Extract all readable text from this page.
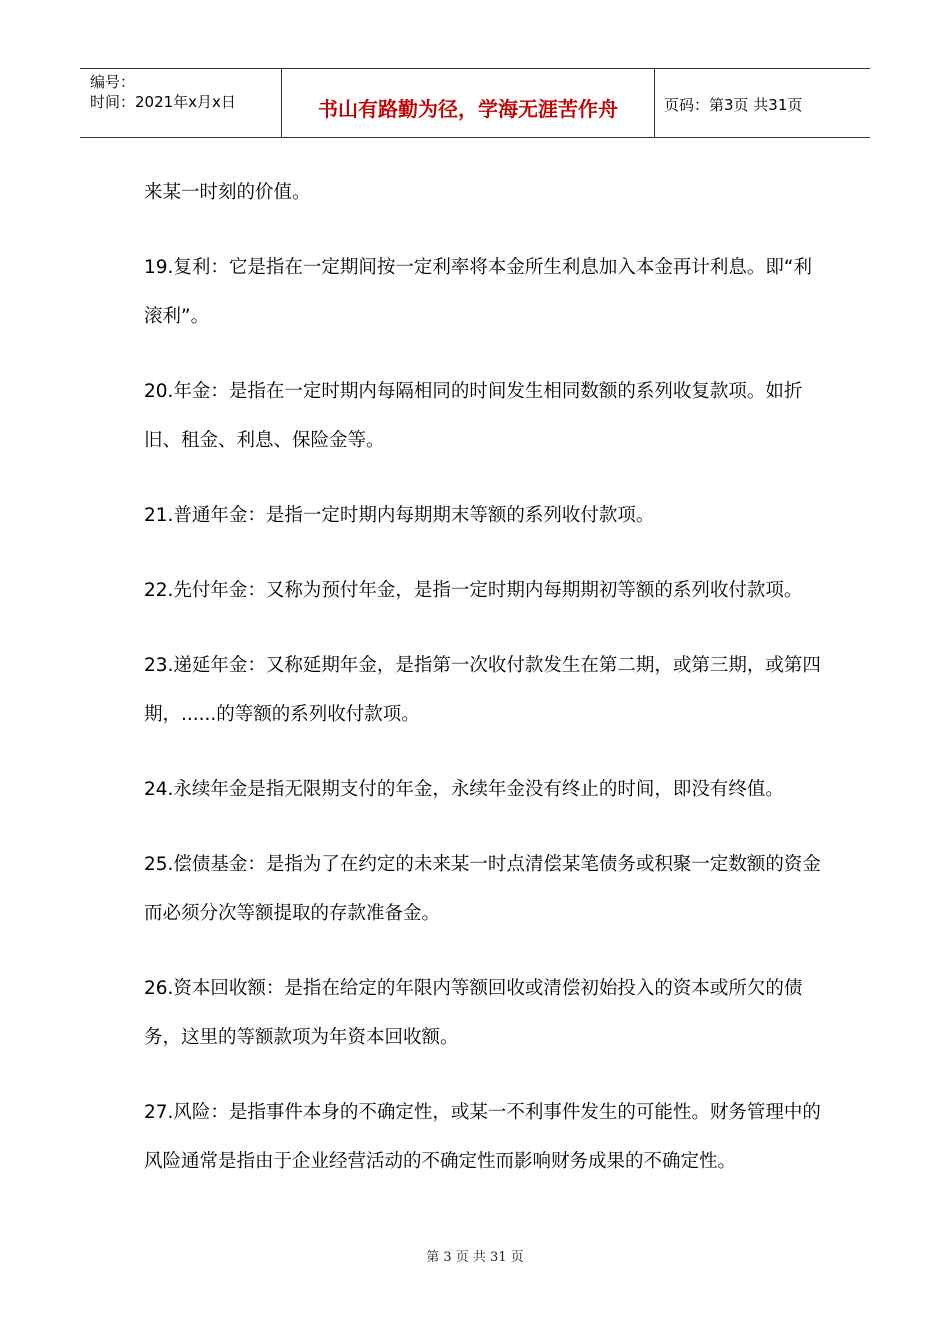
编号：
时间：2021年x月x日	书山有路勤为径，学海无涯苦作舟	页码：第3页 共31页

来某一时刻的价值。

19.复利：它是指在一定期间按一定利率将本金所生利息加入本金再计利息。即“利滚利”。

20.年金：是指在一定时期内每隔相同的时间发生相同数额的系列收复款项。如折旧、租金、利息、保险金等。

21.普通年金：是指一定时期内每期期末等额的系列收付款项。

22.先付年金：又称为预付年金，是指一定时期内每期期初等额的系列收付款项。

23.递延年金：又称延期年金，是指第一次收付款发生在第二期，或第三期，或第四期，......的等额的系列收付款项。

24.永续年金是指无限期支付的年金，永续年金没有终止的时间，即没有终值。

25.偿债基金：是指为了在约定的未来某一时点清偿某笔债务或积聚一定数额的资金而必须分次等额提取的存款准备金。

26.资本回收额：是指在给定的年限内等额回收或清偿初始投入的资本或所欠的债务，这里的等额款项为年资本回收额。

27.风险：是指事件本身的不确定性，或某一不利事件发生的可能性。财务管理中的风险通常是指由于企业经营活动的不确定性而影响财务成果的不确定性。

第 3 页 共 31 页
